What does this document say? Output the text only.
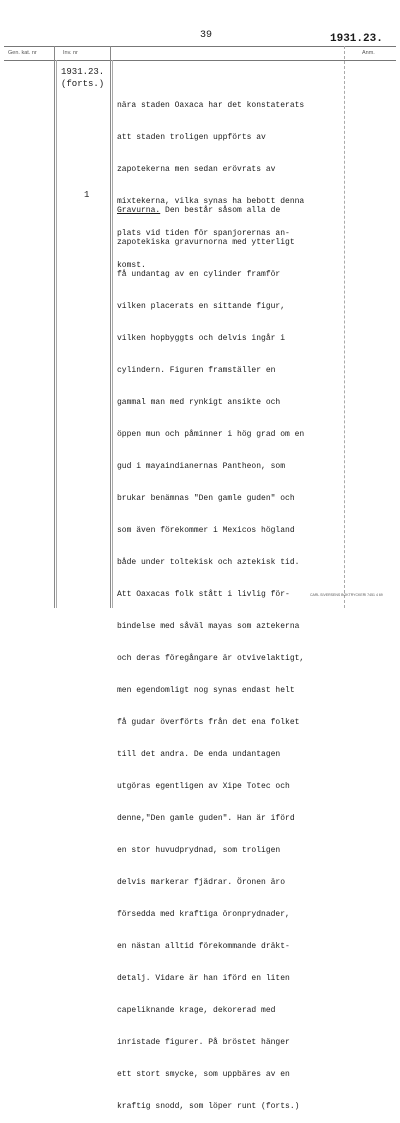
39	1931.23.
Gen. kat. nr	Inv. nr	Anm.
1931.23.
(forts.)
1

nära staden Oaxaca har det konstaterats

att staden troligen uppförts av

zapotekerna men sedan erövrats av

mixtekerna, vilka synas ha bebott denna

plats vid tiden för spanjorernas an-

komst.

Gravurna. Den består såsom alla de

zapotekiska gravurnorna med ytterligt

få undantag av en cylinder framför

vilken placerats en sittande figur,

vilken hopbyggts och delvis ingår i

cylindern. Figuren framställer en

gammal man med rynkigt ansikte och

öppen mun och påminner i hög grad om en

gud i mayaindianernas Pantheon, som

brukar benämnas "Den gamle guden" och

som även förekommer i Mexicos högland

både under toltekisk och aztekisk tid.

Att Oaxacas folk stått i livlig för-

bindelse med såväl mayas som aztekerna

och deras föregångare är otvivelaktigt,

men egendomligt nog synas endast helt

få gudar överförts från det ena folket

till det andra. De enda undantagen

utgöras egentligen av Xipe Totec och

denne,"Den gamle guden". Han är iförd

en stor huvudprydnad, som troligen

delvis markerar fjädrar. Öronen äro

försedda med kraftiga öronprydnader,

en nästan alltid förekommande dräkt-

detalj. Vidare är han iförd en liten

capeliknande krage, dekorerad med

inristade figurer. På bröstet hänger

ett stort smycke, som uppbäres av en

kraftig snodd, som löper runt (forts.)

CARL SIVERSENS BOKTRYCKERI 7451 4 69
